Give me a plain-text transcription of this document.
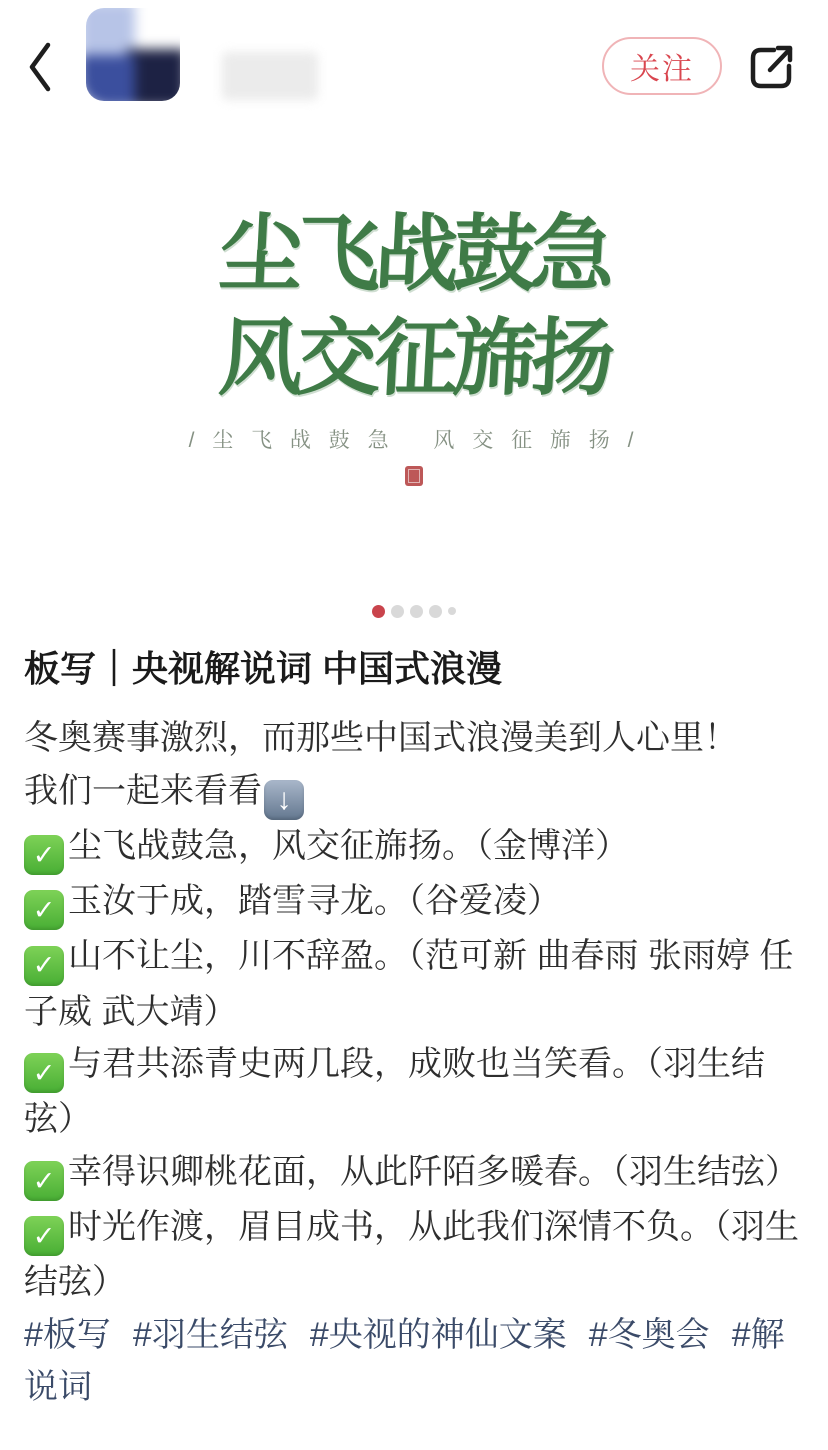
关注
尘飞战鼓急
风交征旆扬
/ 尘 飞 战 鼓 急　 风 交 征 旆 扬 /
板写｜央视解说词 中国式浪漫

冬奥赛事激烈，而那些中国式浪漫美到人心里！

我们一起来看看 ↓

✓ 尘飞战鼓急，风交征旆扬。（金博洋）

✓ 玉汝于成，踏雪寻龙。（谷爱凌）

✓ 山不让尘，川不辞盈。（范可新 曲春雨 张雨婷 任子威 武大靖）

✓ 与君共添青史两几段，成败也当笑看。（羽生结弦）

✓ 幸得识卿桃花面，从此阡陌多暖春。（羽生结弦）

✓ 时光作渡，眉目成书，从此我们深情不负。（羽生结弦）

#板写 #羽生结弦 #央视的神仙文案 #冬奥会 #解说词
